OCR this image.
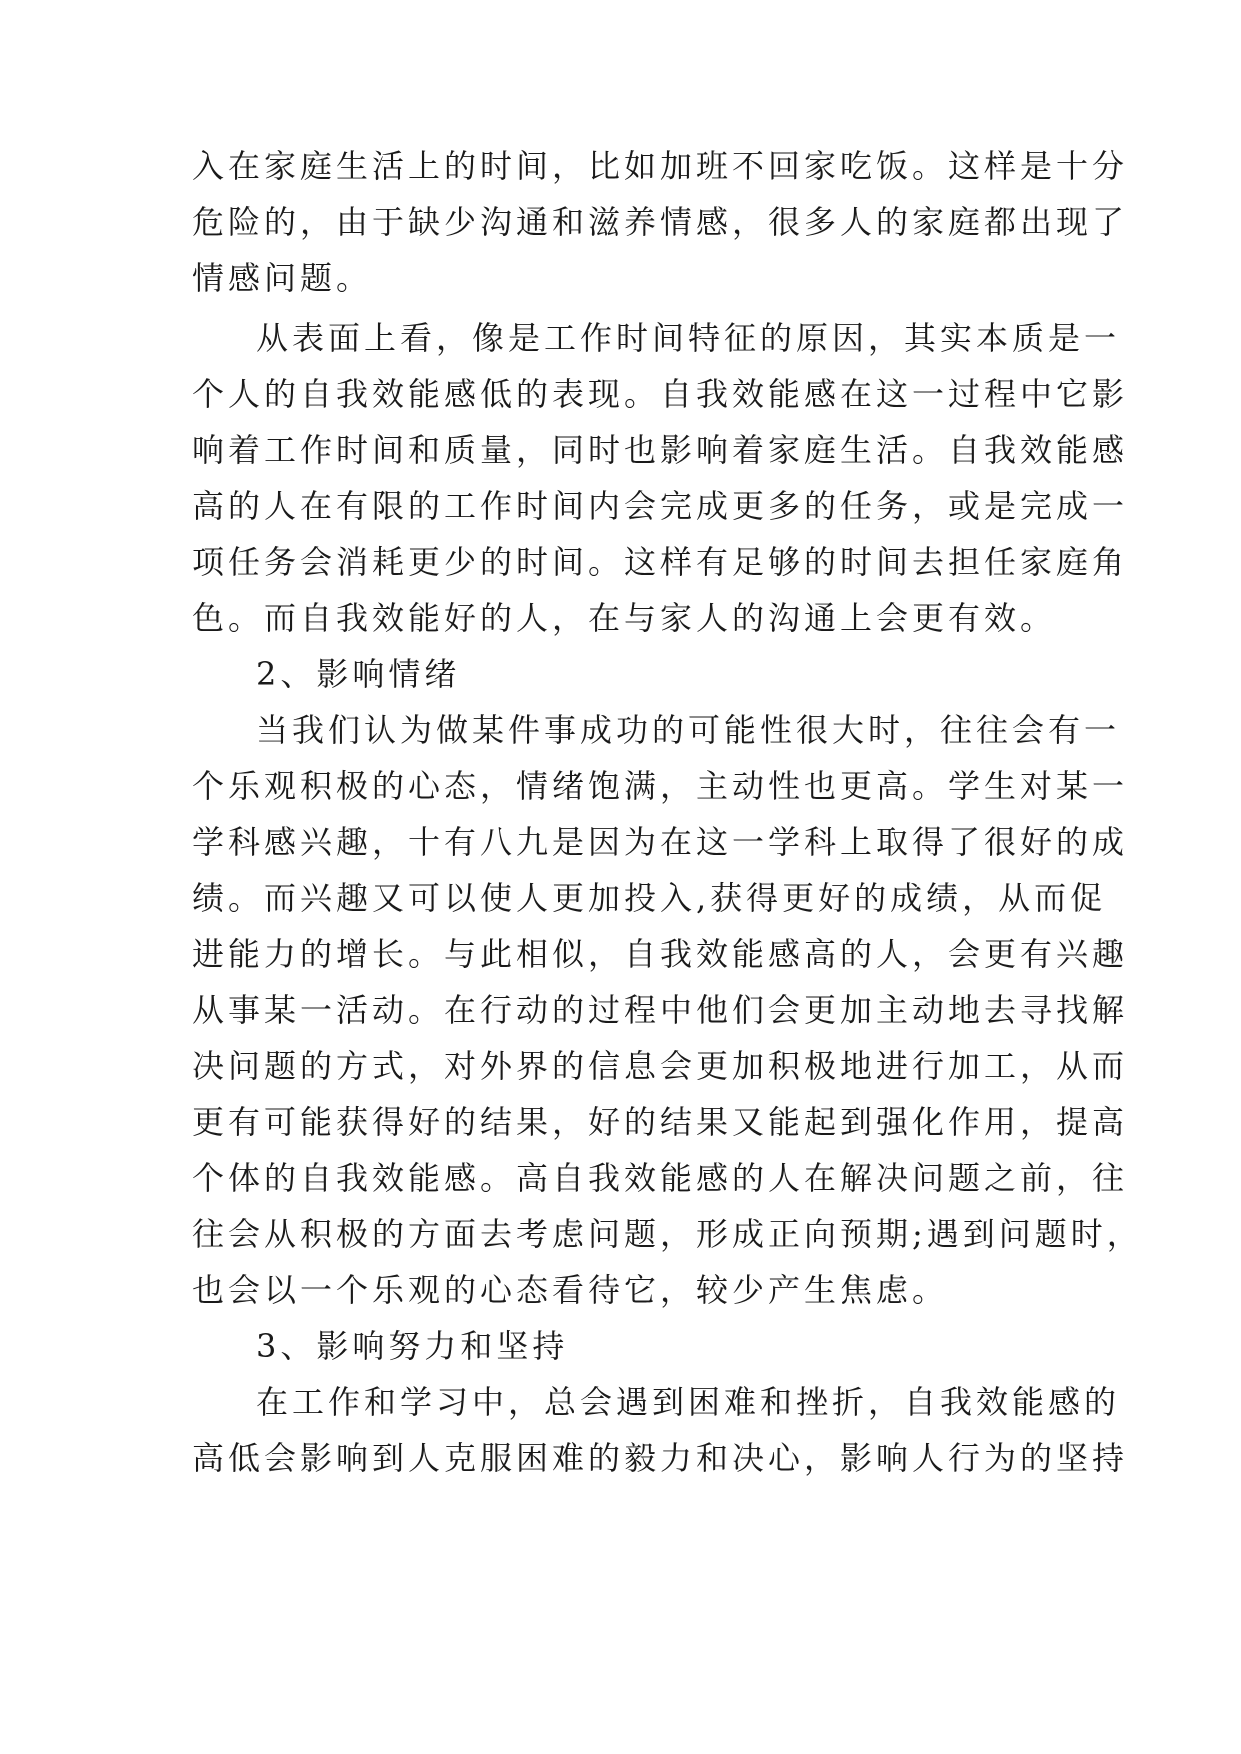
入在家庭生活上的时间，比如加班不回家吃饭。这样是十分
危险的，由于缺少沟通和滋养情感，很多人的家庭都出现了
情感问题。
从表面上看，像是工作时间特征的原因，其实本质是一
个人的自我效能感低的表现。自我效能感在这一过程中它影
响着工作时间和质量，同时也影响着家庭生活。自我效能感
高的人在有限的工作时间内会完成更多的任务，或是完成一
项任务会消耗更少的时间。这样有足够的时间去担任家庭角
色。而自我效能好的人，在与家人的沟通上会更有效。
2、影响情绪
当我们认为做某件事成功的可能性很大时，往往会有一
个乐观积极的心态，情绪饱满，主动性也更高。学生对某一
学科感兴趣，十有八九是因为在这一学科上取得了很好的成
绩。而兴趣又可以使人更加投入,获得更好的成绩，从而促
进能力的增长。与此相似，自我效能感高的人，会更有兴趣
从事某一活动。在行动的过程中他们会更加主动地去寻找解
决问题的方式，对外界的信息会更加积极地进行加工，从而
更有可能获得好的结果，好的结果又能起到强化作用，提高
个体的自我效能感。高自我效能感的人在解决问题之前，往
往会从积极的方面去考虑问题，形成正向预期;遇到问题时，
也会以一个乐观的心态看待它，较少产生焦虑。
3、影响努力和坚持
在工作和学习中，总会遇到困难和挫折，自我效能感的
高低会影响到人克服困难的毅力和决心，影响人行为的坚持
